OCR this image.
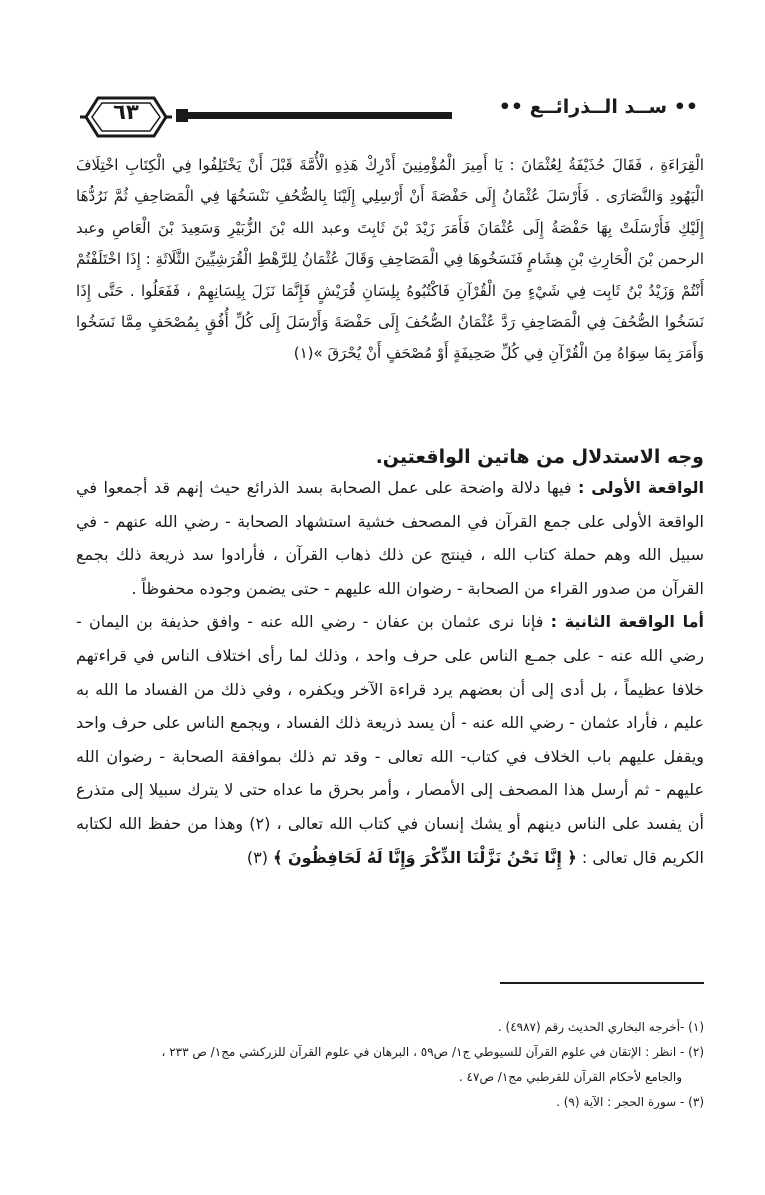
٦٣	•• ســد الــذرائــع ••
الْقِرَاءَةِ ، فَقَالَ حُذَيْفَةُ لِعُثْمَانَ : يَا أَمِيرَ الْمُؤْمِنِينَ أَدْرِكْ هَذِهِ الْأُمَّةَ قَبْلَ أَنْ يَخْتَلِفُوا فِي الْكِتَابِ اخْتِلَافَ الْيَهُودِ وَالنَّصَارَى . فَأَرْسَلَ عُثْمَانُ إِلَى حَفْصَةَ أَنْ أَرْسِلِي إِلَيْنَا بِالصُّحُفِ نَنْسَخُهَا فِي الْمَصَاحِفِ ثُمَّ نَرُدُّهَا إِلَيْكِ فَأَرْسَلَتْ بِهَا حَفْصَةُ إِلَى عُثْمَانَ فَأَمَرَ زَيْدَ بْنَ ثَابِتَ وعبد الله بْنَ الزُّبَيْرِ وَسَعِيدَ بْنَ الْعَاصِ وعبد الرحمن بْنَ الْحَارِثِ بْنِ هِشَامٍ فَنَسَخُوهَا فِي الْمَصَاحِفِ وَقَالَ عُثْمَانُ لِلرَّهْطِ الْقُرَشِيِّينَ الثَّلَاثَةِ : إِذَا اخْتَلَفْتُمْ أَنْتُمْ وَزَيْدُ بْنُ ثَابِت فِي شَيْءٍ مِنَ الْقُرْآنِ فَاكْتُبُوهُ بِلِسَانِ قُرَيْشٍ فَإِنَّمَا نَزَلَ بِلِسَانِهِمْ ، فَفَعَلُوا . حَتَّى إِذَا نَسَخُوا الصُّحُفَ فِي الْمَصَاحِفِ رَدَّ عُثْمَانُ الصُّحُفَ إِلَى حَفْصَةَ وَأَرْسَلَ إِلَى كُلِّ أُفُقٍ بِمُصْحَفٍ مِمَّا نَسَخُوا وَأَمَرَ بِمَا سِوَاهُ مِنَ الْقُرْآنِ فِي كُلِّ صَحِيفَةٍ أَوْ مُصْحَفٍ أَنْ يُحْرَقَ »(١)
وجه الاستدلال من هاتين الواقعتين.

الواقعة الأولى : فيها دلالة واضحة على عمل الصحابة بسد الذرائع حيث إنهم قد أجمعوا في الواقعة الأولى على جمع القرآن في المصحف خشية استشهاد الصحابة - رضي الله عنهم - في سبيل الله وهم حملة كتاب الله ، فينتج عن ذلك ذهاب القرآن ، فأرادوا سد ذريعة ذلك بجمع القرآن من صدور القراء من الصحابة - رضوان الله عليهم - حتى يضمن وجوده محفوظاً .

أما الواقعة الثانية : فإنا نرى عثمان بن عفان - رضي الله عنه - وافق حذيفة بن اليمان - رضي الله عنه - على جمـع الناس على حرف واحد ، وذلك لما رأى اختلاف الناس في قراءتهم خلافا عظيماً ، بل أدى إلى أن بعضهم يرد قراءة الآخر ويكفره ، وفي ذلك من الفساد ما الله به عليم ، فأراد عثمان - رضي الله عنه - أن يسد ذريعة ذلك الفساد ، ويجمع الناس على حرف واحد ويقفل عليهم باب الخلاف في كتاب- الله تعالى - وقد تم ذلك بموافقة الصحابة - رضوان الله عليهم - ثم أرسل هذا المصحف إلى الأمصار ، وأمر بحرق ما عداه حتى لا يترك سبيلا إلى متذرع أن يفسد على الناس دينهم أو يشك إنسان في كتاب الله تعالى ، (٢) وهذا من حفظ الله لكتابه الكريم قال تعالى : ﴿ إِنَّا نَحْنُ نَزَّلْنَا الذِّكْرَ وَإِنَّا لَهُ لَحَافِظُونَ ﴾ (٣)

(١) -أخرجه البخاري الحديث رقم (٤٩٨٧) .
(٢) - انظر : الإتقان في علوم القرآن للسيوطي ج١/ ص٥٩ ، البرهان في علوم القرآن للزركشي مج١/ ص ٢٣٣ ،
والجامع لأحكام القرآن للقرطبي مج١/ ص٤٧ .
(٣) - سورة الحجر : الآية (٩) .
